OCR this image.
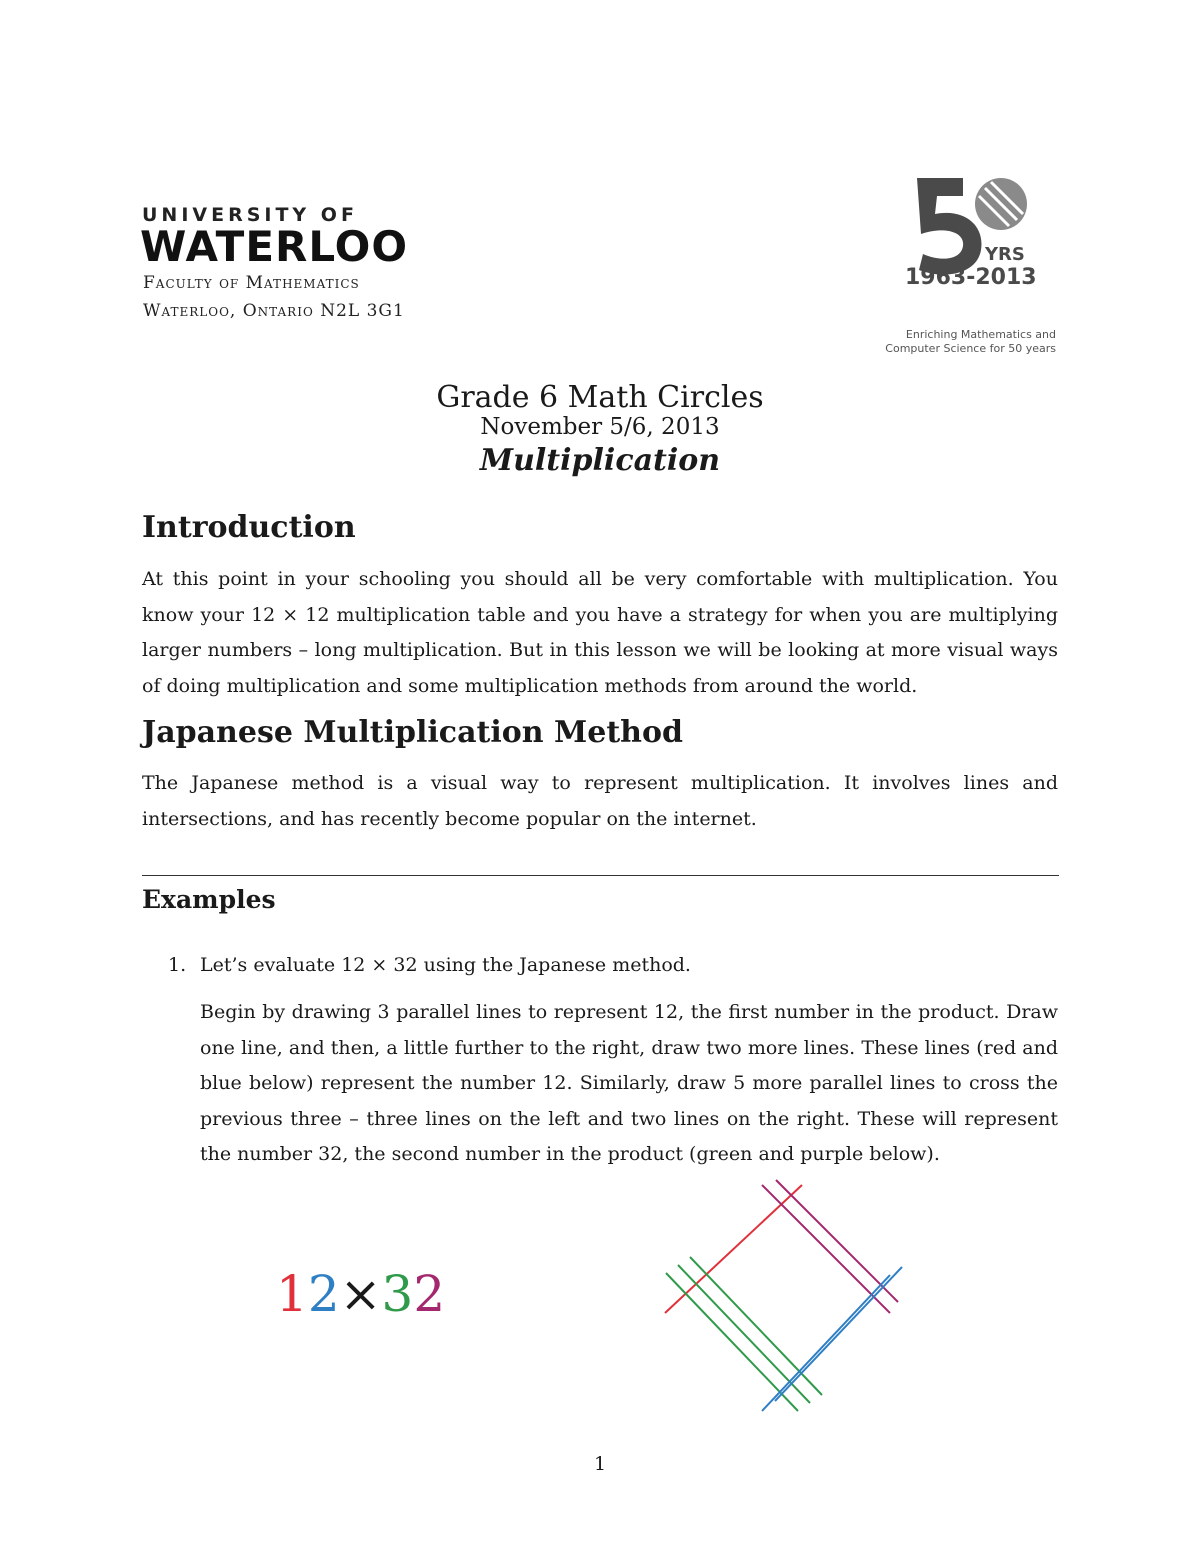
UNIVERSITY OF
WATERLOO
Faculty of Mathematics
Waterloo, Ontario N2L 3G1
YRS
1963-2013
Enriching Mathematics and
Computer Science for 50 years
Grade 6 Math Circles
November 5/6, 2013
Multiplication
Introduction
At this point in your schooling you should all be very comfortable with multiplication. You know your 12 × 12 multiplication table and you have a strategy for when you are multiplying larger numbers – long multiplication. But in this lesson we will be looking at more visual ways of doing multiplication and some multiplication methods from around the world.
Japanese Multiplication Method
The Japanese method is a visual way to represent multiplication. It involves lines and intersections, and has recently become popular on the internet.
Examples
1. Let’s evaluate 12 × 32 using the Japanese method.
Begin by drawing 3 parallel lines to represent 12, the first number in the product. Draw one line, and then, a little further to the right, draw two more lines. These lines (red and blue below) represent the number 12. Similarly, draw 5 more parallel lines to cross the previous three – three lines on the left and two lines on the right. These will represent the number 32, the second number in the product (green and purple below).
12×32
1
